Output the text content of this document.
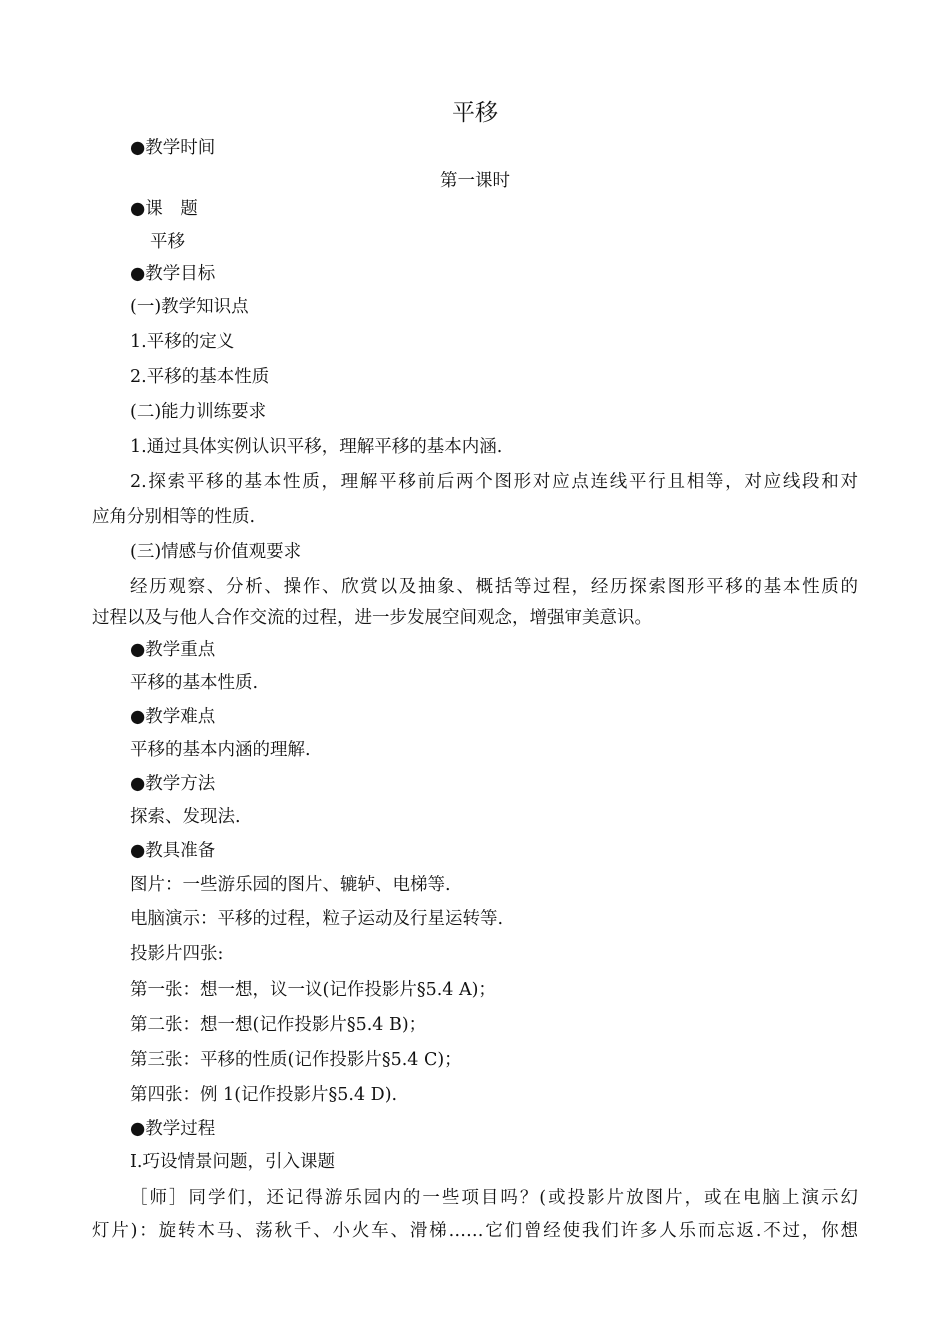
平移
●教学时间
第一课时
●课　题
平移
●教学目标
(一)教学知识点
1.平移的定义
2.平移的基本性质
(二)能力训练要求
1.通过具体实例认识平移，理解平移的基本内涵.
2.探索平移的基本性质，理解平移前后两个图形对应点连线平行且相等，对应线段和对
应角分别相等的性质.
(三)情感与价值观要求
经历观察、分析、操作、欣赏以及抽象、概括等过程，经历探索图形平移的基本性质的
过程以及与他人合作交流的过程，进一步发展空间观念，增强审美意识。
●教学重点
平移的基本性质.
●教学难点
平移的基本内涵的理解.
●教学方法
探索、发现法.
●教具准备
图片：一些游乐园的图片、辘轳、电梯等.
电脑演示：平移的过程，粒子运动及行星运转等.
投影片四张:
第一张：想一想，议一议(记作投影片§5.4 A)；
第二张：想一想(记作投影片§5.4 B)；
第三张：平移的性质(记作投影片§5.4 C)；
第四张：例 1(记作投影片§5.4 D).
●教学过程
Ⅰ.巧设情景问题，引入课题
［师］同学们，还记得游乐园内的一些项目吗？(或投影片放图片，或在电脑上演示幻
灯片)：旋转木马、荡秋千、小火车、滑梯……它们曾经使我们许多人乐而忘返.不过，你想
